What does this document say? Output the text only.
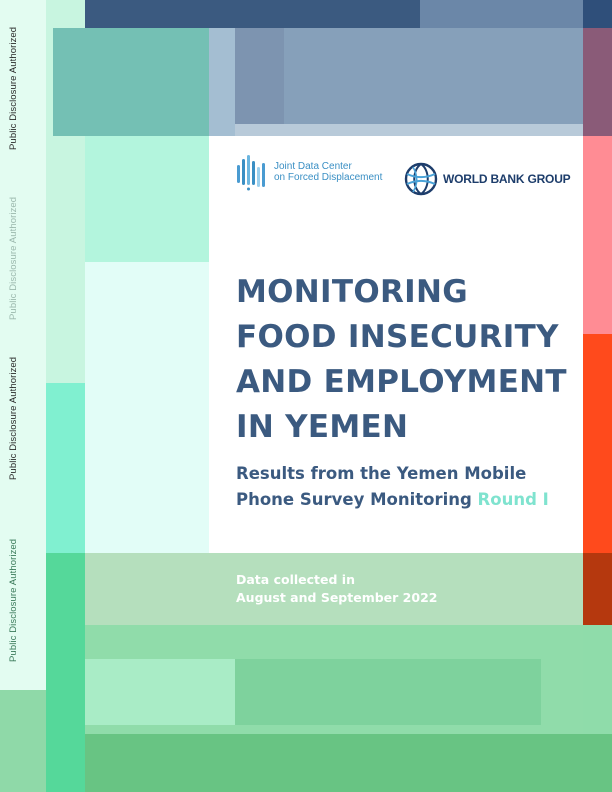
Public Disclosure Authorized
Public Disclosure Authorized
Public Disclosure Authorized
Public Disclosure Authorized
Joint Data Center
on Forced Displacement	WORLD BANK GROUP
MONITORING
FOOD INSECURITY
AND EMPLOYMENT
IN YEMEN
Results from the Yemen Mobile
Phone Survey Monitoring Round I
Data collected in
August and September 2022
